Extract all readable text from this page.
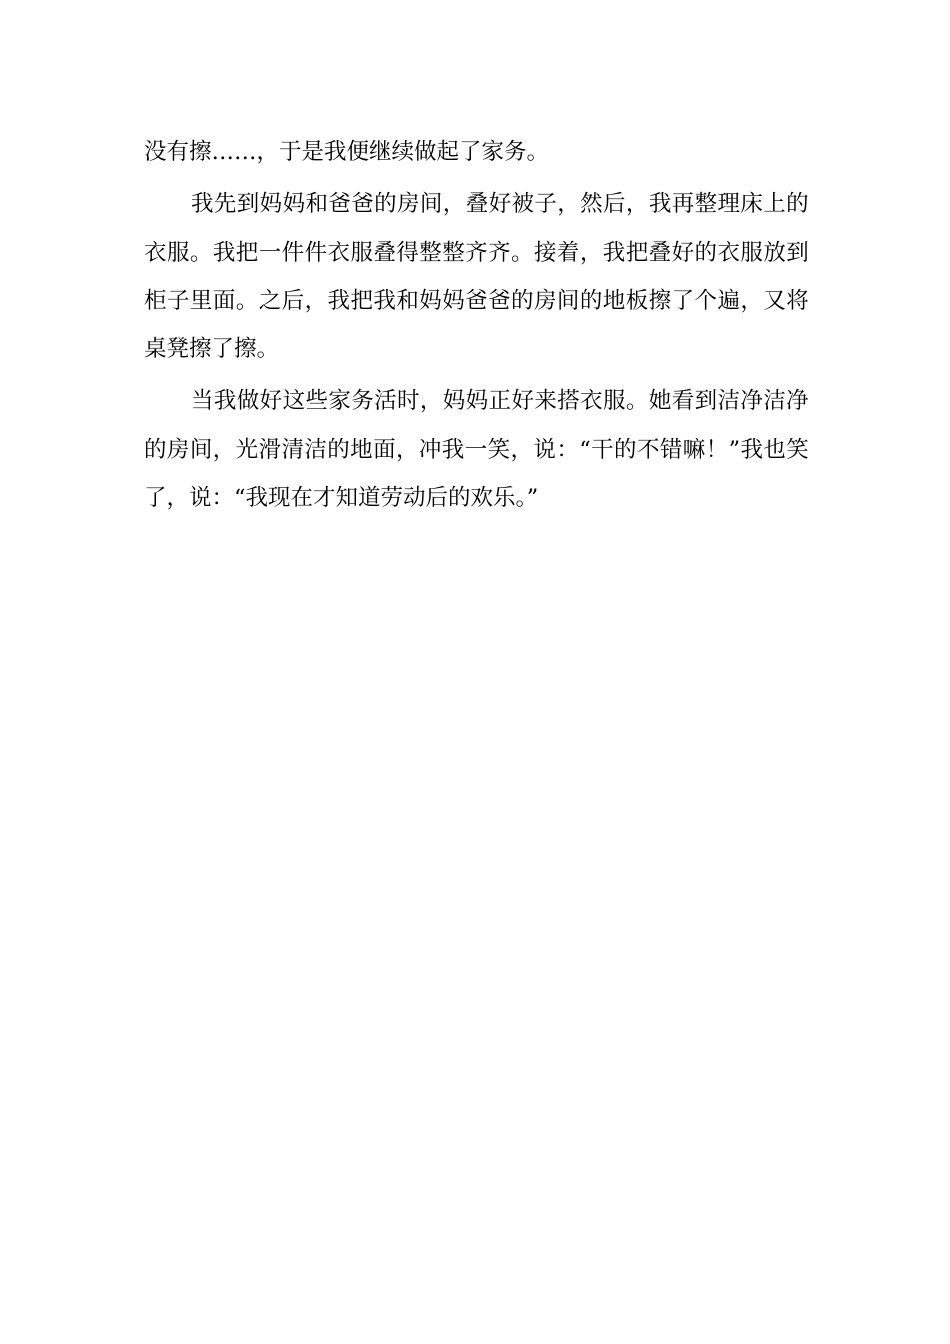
没有擦……，于是我便继续做起了家务。
我 先 到 妈 妈 和 爸 爸 的 房 间 ， 叠 好 被 子 ， 然 后 ， 我 再 整 理 床 上 的
衣 服 。 我 把 一 件 件 衣 服 叠 得 整 整 齐 齐 。 接 着 ， 我 把 叠 好 的 衣 服 放 到
柜 子 里 面 。 之 后 ， 我 把 我 和 妈 妈 爸 爸 的 房 间 的 地 板 擦 了 个 遍 ， 又 将
桌凳擦了擦。
当 我 做 好 这 些 家 务 活 时 ， 妈 妈 正 好 来 搭 衣 服 。 她 看 到 洁 净 洁 净
的 房 间 ， 光 滑 清 洁 的 地 面 ， 冲 我 一 笑 ， 说 ： “ 干 的 不 错 嘛 ！ ” 我 也 笑
了，说：“我现在才知道劳动后的欢乐。”
